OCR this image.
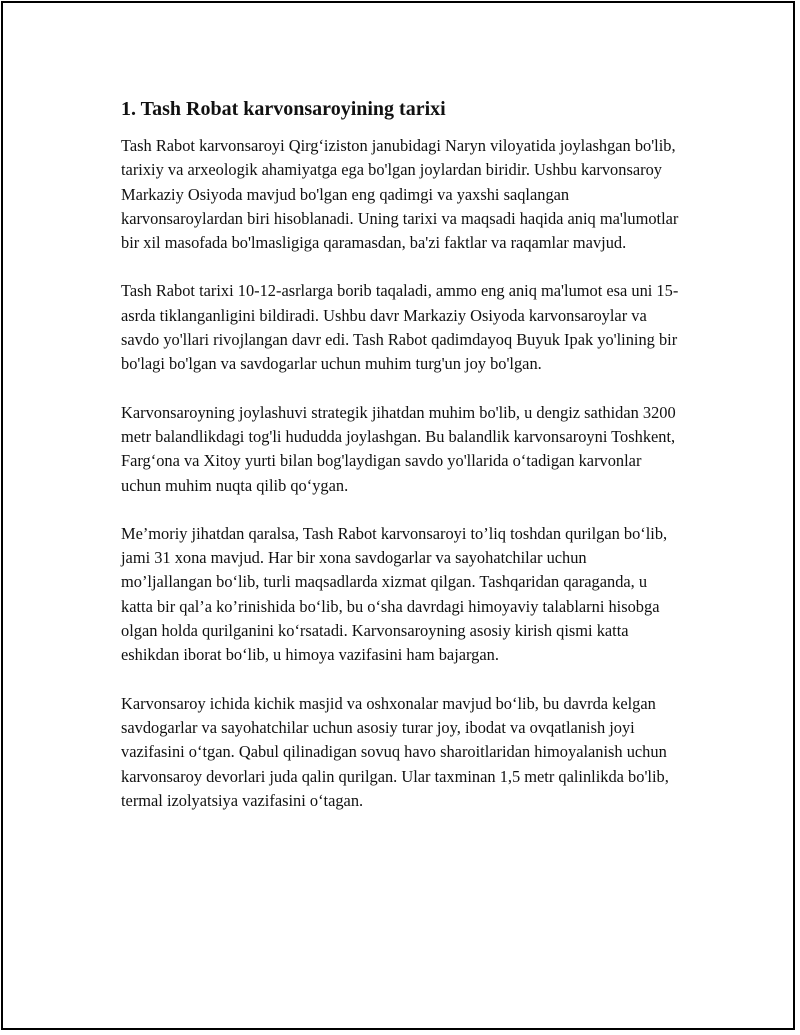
1. Tash Robat karvonsaroyining tarixi

Tash Rabot karvonsaroyi Qirg‘iziston janubidagi Naryn viloyatida joylashgan bo'lib, tarixiy va arxeologik ahamiyatga ega bo'lgan joylardan biridir. Ushbu karvonsaroy Markaziy Osiyoda mavjud bo'lgan eng qadimgi va yaxshi saqlangan karvonsaroylardan biri hisoblanadi. Uning tarixi va maqsadi haqida aniq ma'lumotlar bir xil masofada bo'lmasligiga qaramasdan, ba'zi faktlar va raqamlar mavjud.

Tash Rabot tarixi 10-12-asrlarga borib taqaladi, ammo eng aniq ma'lumot esa uni 15-asrda tiklanganligini bildiradi. Ushbu davr Markaziy Osiyoda karvonsaroylar va savdo yo'llari rivojlangan davr edi. Tash Rabot qadimdayoq Buyuk Ipak yo'lining bir bo'lagi bo'lgan va savdogarlar uchun muhim turg'un joy bo'lgan.

Karvonsaroyning joylashuvi strategik jihatdan muhim bo'lib, u dengiz sathidan 3200 metr balandlikdagi tog'li hududda joylashgan. Bu balandlik karvonsaroyni Toshkent, Farg‘ona va Xitoy yurti bilan bog'laydigan savdo yo'llarida o‘tadigan karvonlar uchun muhim nuqta qilib qo‘ygan.

Me’moriy jihatdan qaralsa, Tash Rabot karvonsaroyi to’liq toshdan qurilgan bo‘lib, jami 31 xona mavjud. Har bir xona savdogarlar va sayohatchilar uchun mo’ljallangan bo‘lib, turli maqsadlarda xizmat qilgan. Tashqaridan qaraganda, u katta bir qal’a ko’rinishida bo‘lib, bu o‘sha davrdagi himoyaviy talablarni hisobga olgan holda qurilganini ko‘rsatadi. Karvonsaroyning asosiy kirish qismi katta eshikdan iborat bo‘lib, u himoya vazifasini ham bajargan.

Karvonsaroy ichida kichik masjid va oshxonalar mavjud bo‘lib, bu davrda kelgan savdogarlar va sayohatchilar uchun asosiy turar joy, ibodat va ovqatlanish joyi vazifasini o‘tgan. Qabul qilinadigan sovuq havo sharoitlaridan himoyalanish uchun karvonsaroy devorlari juda qalin qurilgan. Ular taxminan 1,5 metr qalinlikda bo'lib, termal izolyatsiya vazifasini o‘tagan.
